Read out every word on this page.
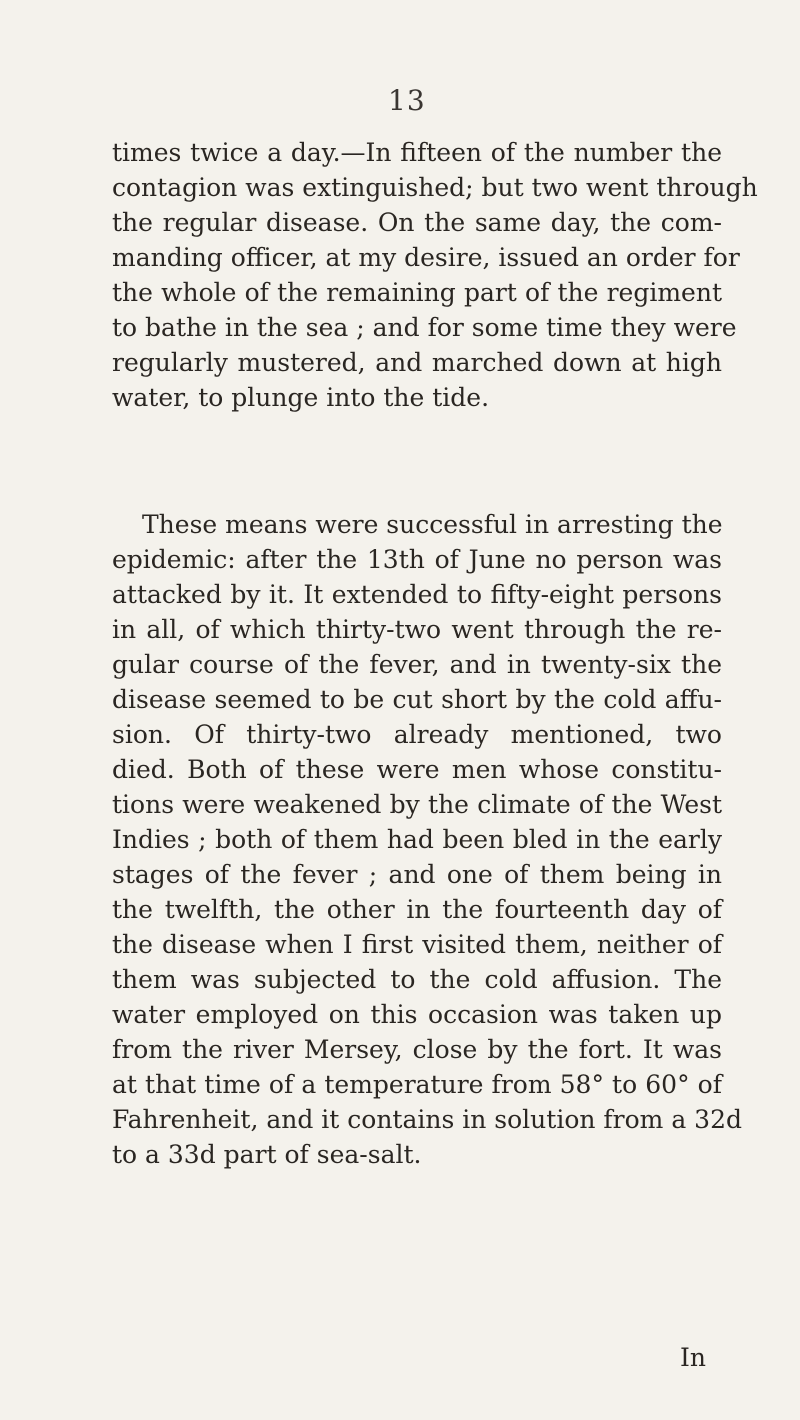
13
times twice a day.—In fifteen of the number the
contagion was extinguished; but two went through
the regular disease. On the same day, the com-
manding officer, at my desire, issued an order for
the whole of the remaining part of the regiment
to bathe in the sea ; and for some time they were
regularly mustered, and marched down at high
water, to plunge into the tide.
These means were successful in arresting the
epidemic: after the 13th of June no person was
attacked by it. It extended to fifty-eight persons
in all, of which thirty-two went through the re-
gular course of the fever, and in twenty-six the
disease seemed to be cut short by the cold affu-
sion. Of thirty-two already mentioned, two
died. Both of these were men whose constitu-
tions were weakened by the climate of the West
Indies ; both of them had been bled in the early
stages of the fever ; and one of them being in
the twelfth, the other in the fourteenth day of
the disease when I first visited them, neither of
them was subjected to the cold affusion. The
water employed on this occasion was taken up
from the river Mersey, close by the fort. It was
at that time of a temperature from 58° to 60° of
Fahrenheit, and it contains in solution from a 32d
to a 33d part of sea-salt.
In
